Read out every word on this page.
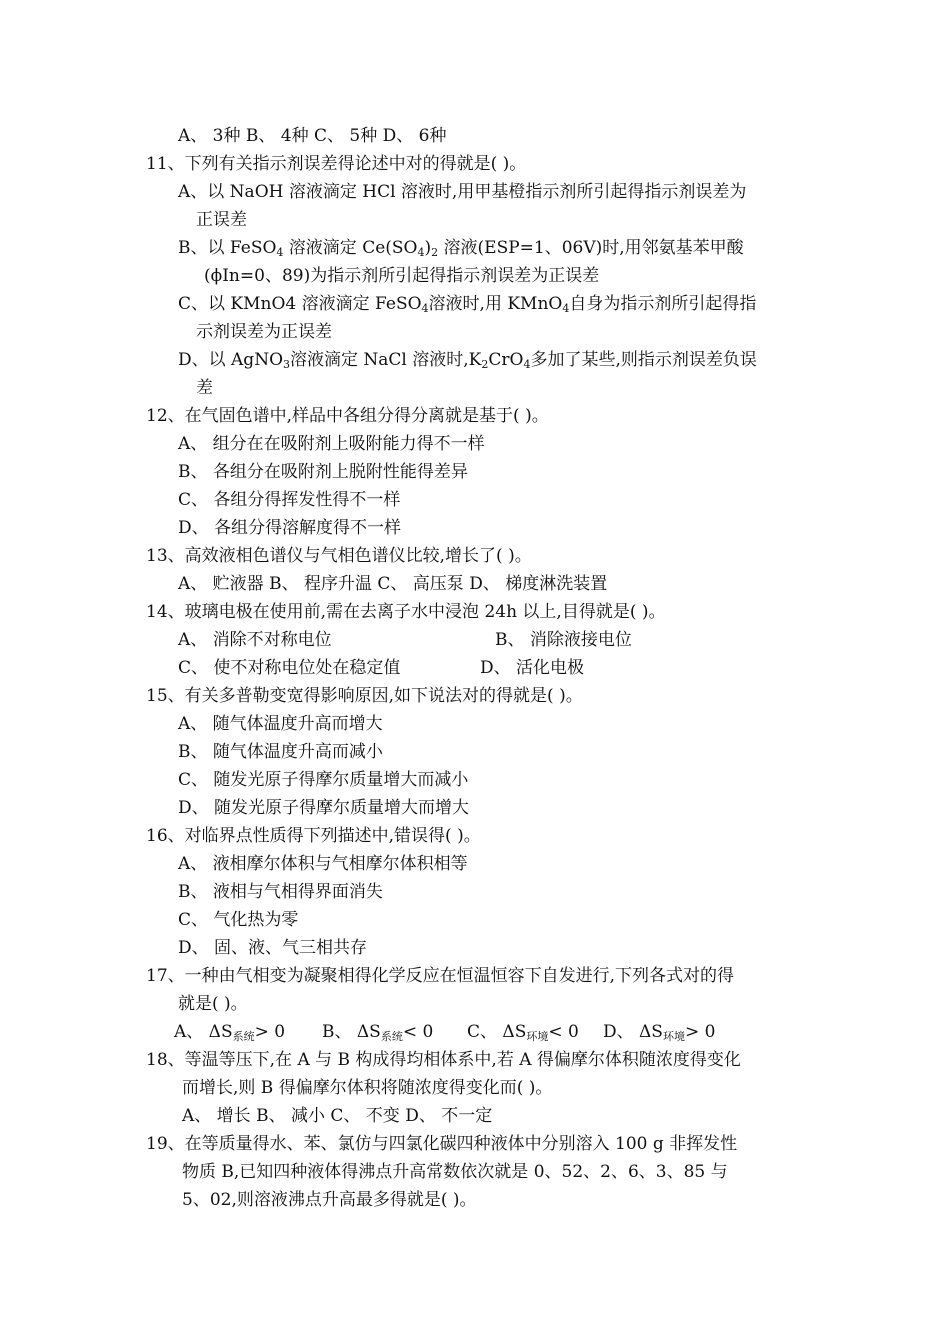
A、 3种 B、 4种 C、 5种 D、 6种
11、下列有关指示剂误差得论述中对的得就是( )。
A、以 NaOH 溶液滴定 HCl 溶液时,用甲基橙指示剂所引起得指示剂误差为
正误差
B、以 FeSO$_4$ 溶液滴定 $Ce(SO_4)_2$ 溶液(ESP=1、06V)时,用邻氨基苯甲酸
(ϕIn=0、89)为指示剂所引起得指示剂误差为正误差
C、以 KMnO4 溶液滴定 FeSO$_4$溶液时,用 KMnO$_4$自身为指示剂所引起得指
示剂误差为正误差
D、以 AgNO$_3$溶液滴定 NaCl 溶液时$,K_2CrO_4$多加了某些,则指示剂误差负误
差
12、在气固色谱中,样品中各组分得分离就是基于( )。
A、 组分在在吸附剂上吸附能力得不一样
B、 各组分在吸附剂上脱附性能得差异
C、 各组分得挥发性得不一样
D、 各组分得溶解度得不一样
13、高效液相色谱仪与气相色谱仪比较,增长了( )。
A、 贮液器 B、 程序升温 C、 高压泵 D、 梯度淋洗装置
14、玻璃电极在使用前,需在去离子水中浸泡 24h 以上,目得就是( )。
A、 消除不对称电位	B、 消除液接电位
C、 使不对称电位处在稳定值	D、 活化电极
15、有关多普勒变宽得影响原因,如下说法对的得就是( )。
A、 随气体温度升高而增大
B、 随气体温度升高而减小
C、 随发光原子得摩尔质量增大而减小
D、 随发光原子得摩尔质量增大而增大
16、对临界点性质得下列描述中,错误得( )。
A、 液相摩尔体积与气相摩尔体积相等
B、 液相与气相得界面消失
C、 气化热为零
D、 固、液、气三相共存
17、一种由气相变为凝聚相得化学反应在恒温恒容下自发进行,下列各式对的得
就是( )。
A、 $\Delta S_{系统}> 0$ B、 $\Delta S_{系统}< 0$ C、 $\Delta S_{环境}< 0$ D、 $\Delta S_{环境}> 0$
18、等温等压下,在 A 与 B 构成得均相体系中,若 A 得偏摩尔体积随浓度得变化
而增长,则 B 得偏摩尔体积将随浓度得变化而( )。
A、 增长 B、 减小 C、 不变 D、 不一定
19、在等质量得水、苯、氯仿与四氯化碳四种液体中分别溶入 100 g 非挥发性
物质 B,已知四种液体得沸点升高常数依次就是 0、52、2、6、3、85 与
5、02,则溶液沸点升高最多得就是( )。
